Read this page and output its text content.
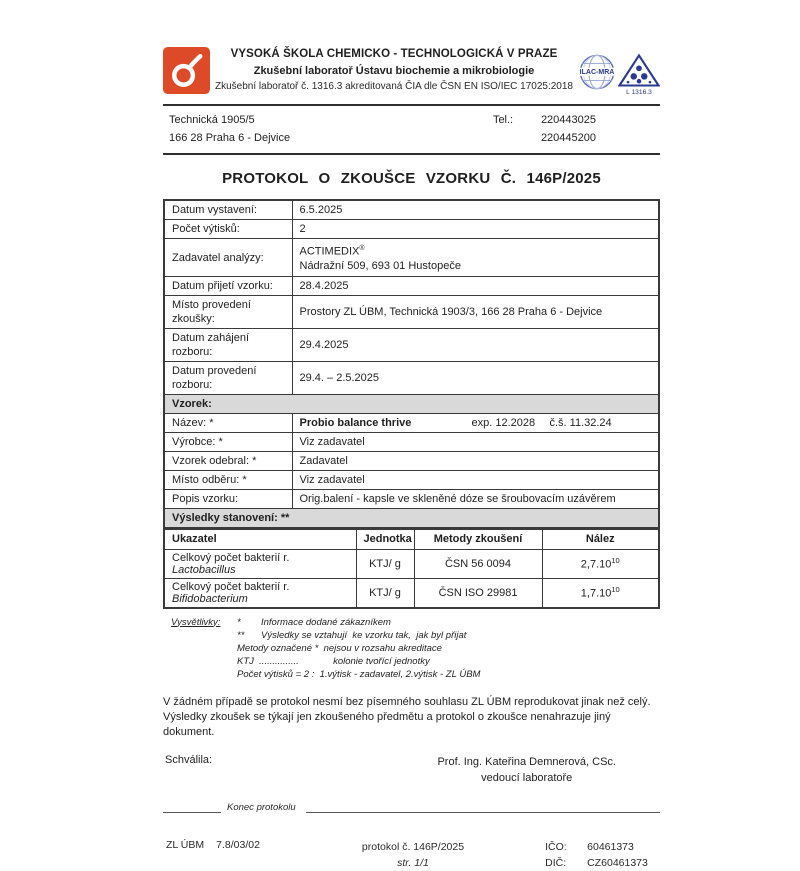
VYSOKÁ ŠKOLA CHEMICKO - TECHNOLOGICKÁ V PRAZE
Zkušební laboratoř Ústavu biochemie a mikrobiologie
Zkušební laboratoř č. 1316.3 akreditovaná ČIA dle ČSN EN ISO/IEC 17025:2018
ILAC-MRA
L 1316.3
Technická 1905/5
166 28 Praha 6 - Dejvice
Tel.:	220443025
220445200
PROTOKOL O ZKOUŠCE VZORKU Č. 146P/2025
Datum vystavení:	6.5.2025
Počet výtisků:	2
Zadavatel analýzy:	ACTIMEDIX®
Nádražní 509, 693 01 Hustopeče

Datum přijetí vzorku:	28.4.2025
Místo provedení zkoušky:	Prostory ZL ÚBM, Technická 1903/3, 166 28 Praha 6 - Dejvice
Datum zahájení rozboru:	29.4.2025
Datum provedení rozboru:	29.4. – 2.5.2025
Vzorek:	
Název: *	Probio balance thrive exp. 12.2028 č.š. 11.32.24

Výrobce: *	Viz zadavatel
Vzorek odebral: *	Zadavatel
Místo odběru: *	Viz zadavatel
Popis vzorku:	Orig.balení - kapsle ve skleněné dóze se šroubovacím uzávěrem
Výsledky stanovení: **	
Ukazatel	Jednotka	Metody zkoušení	Nález
Celkový počet bakterií r. Lactobacillus	KTJ/ g	ČSN 56 0094	2,7.10$^{10}$
Celkový počet bakterií r. Bifidobacterium	KTJ/ g	ČSN ISO 29981	1,7.10$^{10}$
Vysvětlivky:	*	Informace dodané zákazníkem
**	Výsledky se vztahují  ke vzorku tak,  jak byl přijat
Metody označené *  nejsou v rozsahu akreditace
KTJ  ...............             kolonie tvořící jednotky
Počet výtisků = 2 :  1.výtisk - zadavatel, 2.výtisk - ZL ÚBM
V žádném případě se protokol nesmí bez písemného souhlasu ZL ÚBM reprodukovat jinak než celý. Výsledky zkoušek se týkají jen zkoušeného předmětu a protokol o zkoušce nenahrazuje jiný dokument.
Schválila:	Prof. Ing. Kateřina Demnerová, CSc.
vedoucí laboratoře
Konec protokolu
ZL ÚBM 7.8/03/02	protokol č. 146P/2025
str. 1/1
IČO:	60461373
DIČ:	CZ60461373
